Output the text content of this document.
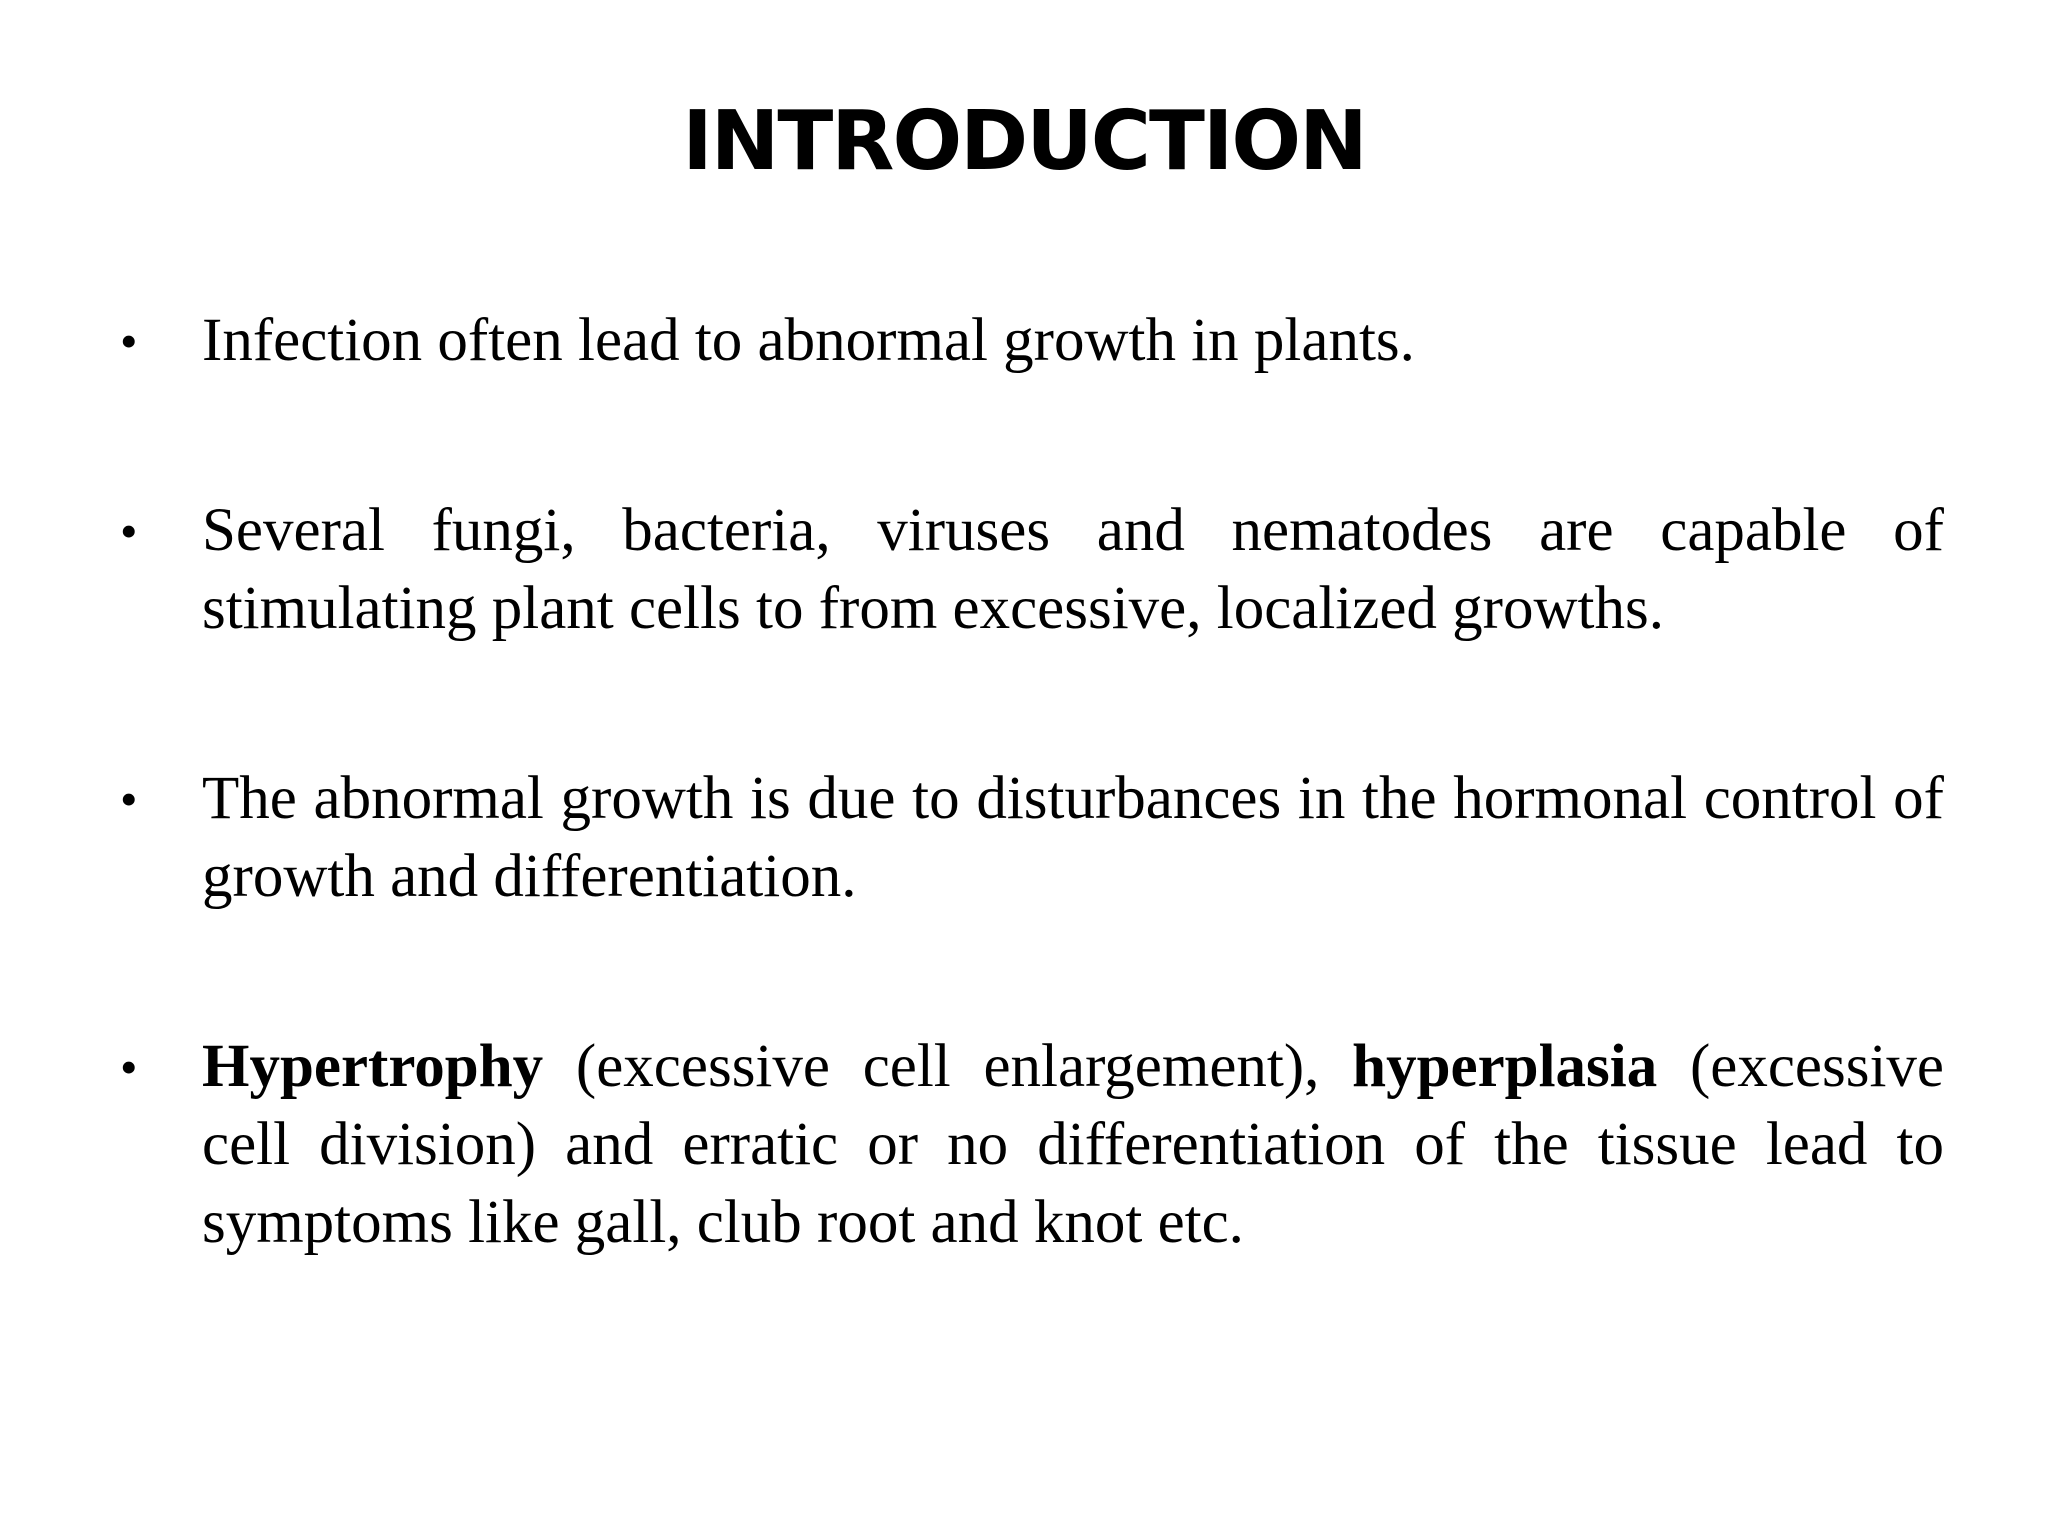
INTRODUCTION
•	Infection often lead to abnormal growth in plants.
•	Several fungi, bacteria, viruses and nematodes are capable of stimulating plant cells to from excessive, localized growths.
•	The abnormal growth is due to disturbances in the hormonal control of growth and differentiation.
•	Hypertrophy (excessive cell enlargement), hyperplasia (excessive cell division) and erratic or no differentiation of the tissue lead to symptoms like gall, club root and knot etc.
